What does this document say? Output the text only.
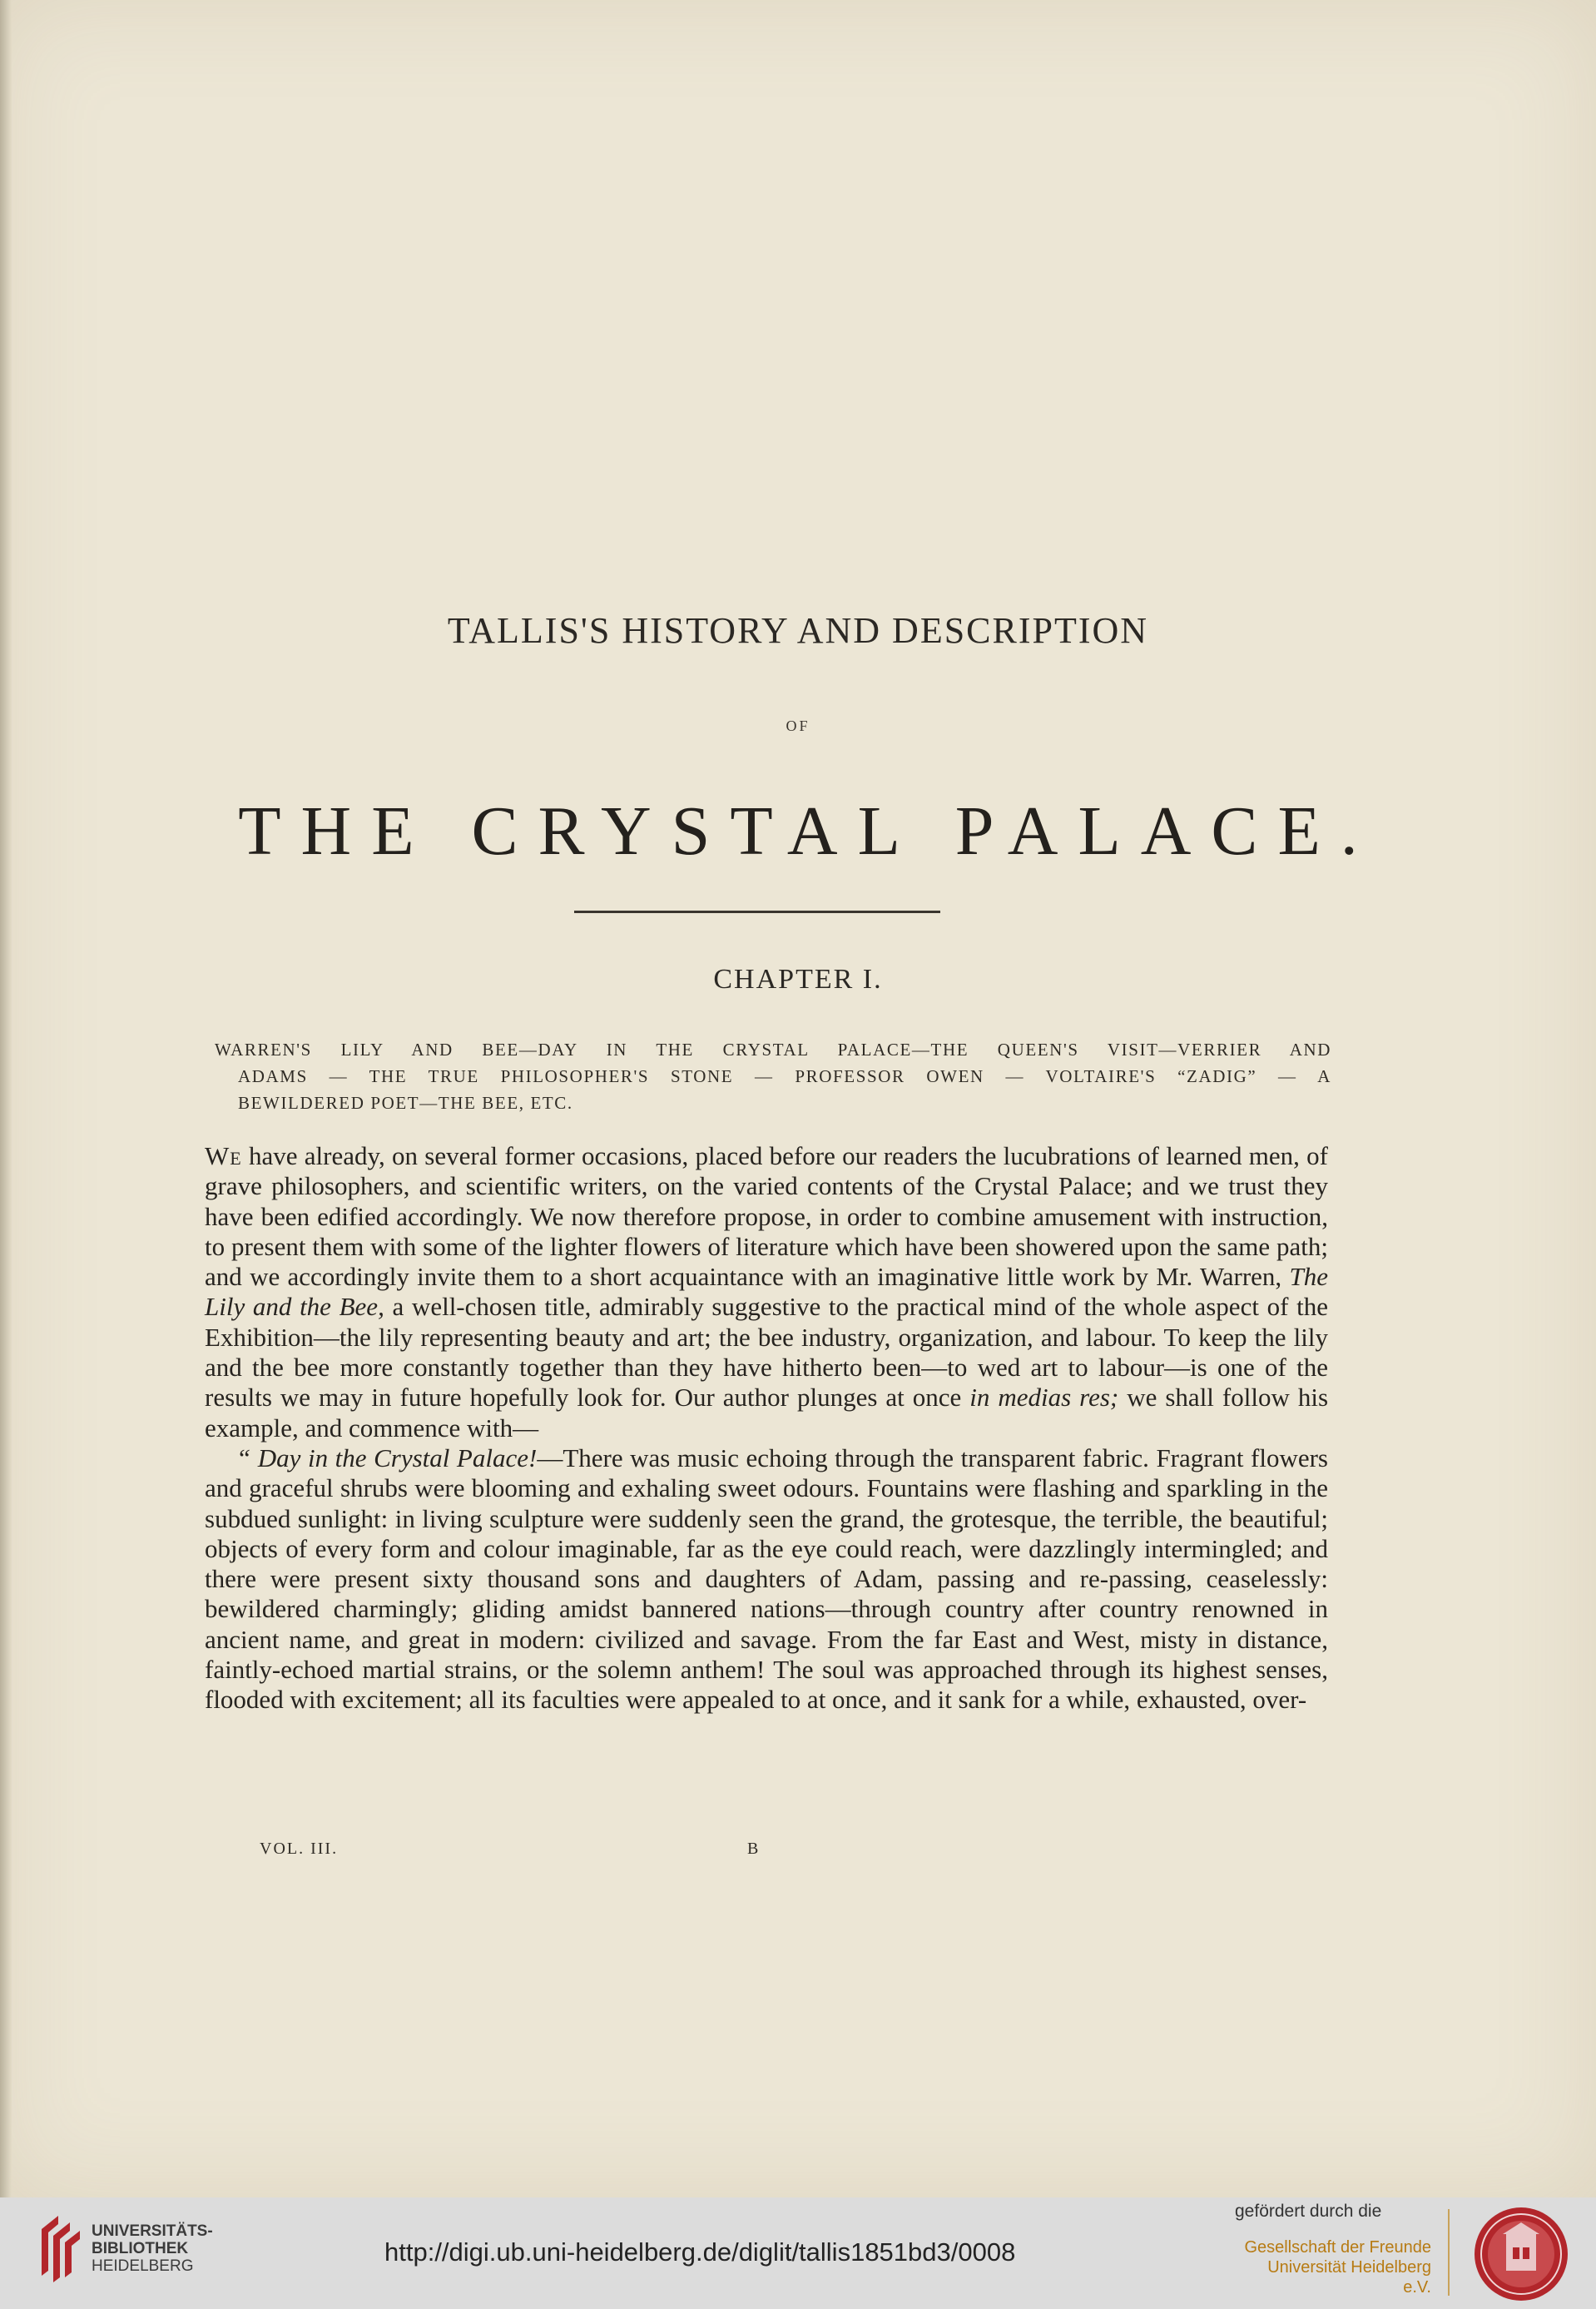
TALLIS'S HISTORY AND DESCRIPTION
OF
THE CRYSTAL PALACE.
CHAPTER I.
WARREN'S LILY AND BEE—DAY IN THE CRYSTAL PALACE—THE QUEEN'S VISIT—VERRIER AND
ADAMS — THE TRUE PHILOSOPHER'S STONE — PROFESSOR OWEN — VOLTAIRE'S “ZADIG” — A
BEWILDERED POET—THE BEE, ETC.

We have already, on several former occasions, placed before our readers the lucubrations of learned men, of grave philosophers, and scientific writers, on the varied contents of the Crystal Palace; and we trust they have been edified accordingly. We now therefore propose, in order to combine amusement with instruction, to present them with some of the lighter flowers of literature which have been showered upon the same path; and we accordingly invite them to a short acquaintance with an imaginative little work by Mr. Warren, The Lily and the Bee, a well-chosen title, admirably suggestive to the practical mind of the whole aspect of the Exhibition—the lily representing beauty and art; the bee industry, organization, and labour. To keep the lily and the bee more constantly together than they have hitherto been—to wed art to labour—is one of the results we may in future hopefully look for. Our author plunges at once in medias res; we shall follow his example, and commence with—

“ Day in the Crystal Palace!—There was music echoing through the transparent fabric. Fragrant flowers and graceful shrubs were blooming and exhaling sweet odours. Fountains were flashing and sparkling in the subdued sunlight: in living sculpture were suddenly seen the grand, the grotesque, the terrible, the beautiful; objects of every form and colour imaginable, far as the eye could reach, were dazzlingly intermingled; and there were present sixty thousand sons and daughters of Adam, passing and re-passing, ceaselessly: bewildered charmingly; gliding amidst bannered nations—through country after country renowned in ancient name, and great in modern: civilized and savage. From the far East and West, misty in distance, faintly-echoed martial strains, or the solemn anthem! The soul was approached through its highest senses, flooded with excitement; all its faculties were appealed to at once, and it sank for a while, exhausted, over-

VOL. III.	B
UNIVERSITÄTS-
BIBLIOTHEK
HEIDELBERG	http://digi.ub.uni-heidelberg.de/diglit/tallis1851bd3/0008
gefördert durch die
Gesellschaft der Freunde
Universität Heidelberg e.V.
